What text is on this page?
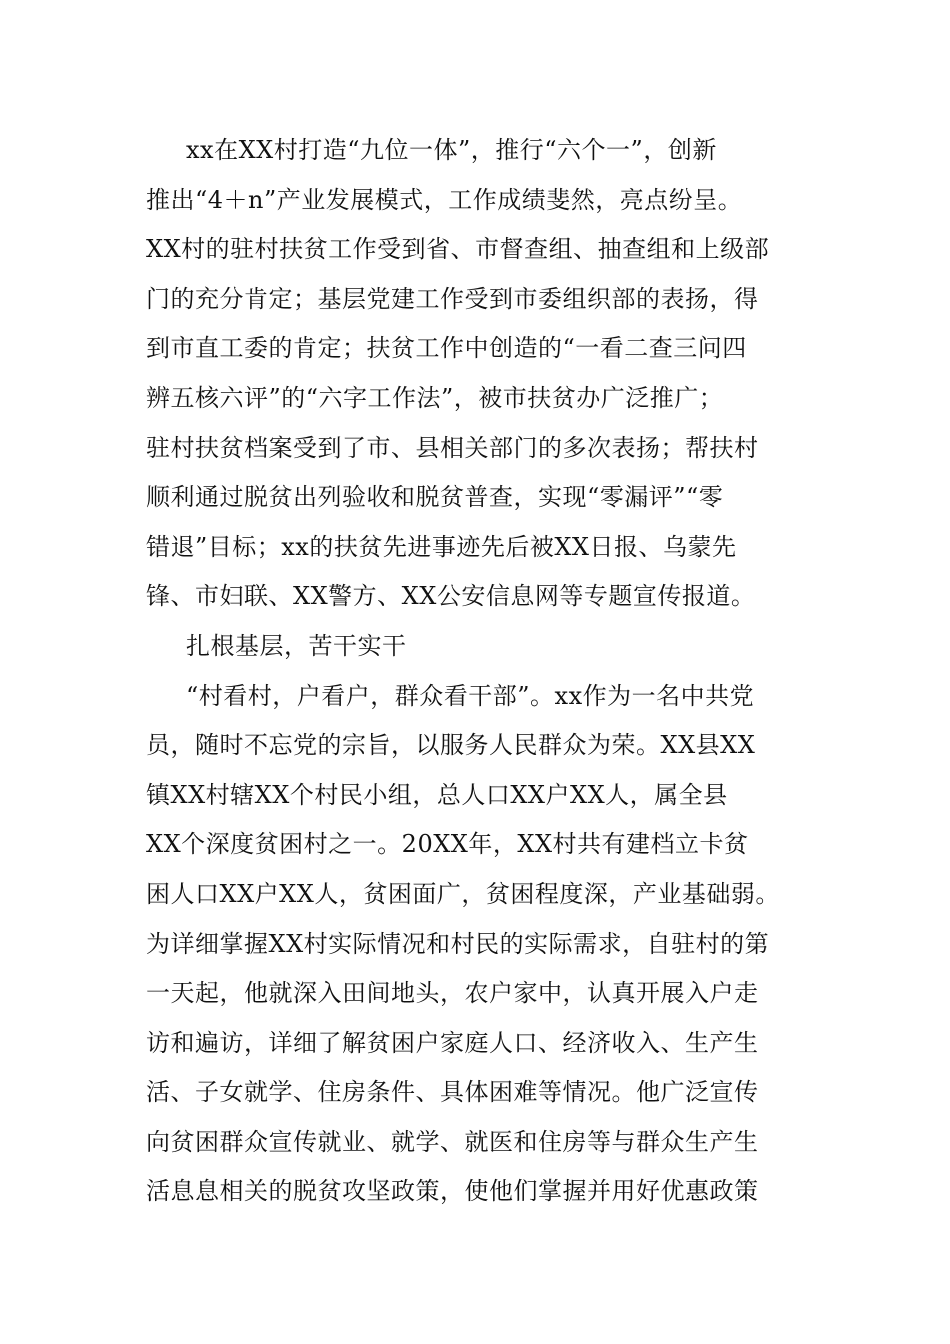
xx在XX村打造“九位一体”，推行“六个一”，创新
推出“4＋n”产业发展模式，工作成绩斐然，亮点纷呈。
XX村的驻村扶贫工作受到省、市督查组、抽查组和上级部
门的充分肯定；基层党建工作受到市委组织部的表扬，得
到市直工委的肯定；扶贫工作中创造的“一看二查三问四
辨五核六评”的“六字工作法”，被市扶贫办广泛推广；
驻村扶贫档案受到了市、县相关部门的多次表扬；帮扶村
顺利通过脱贫出列验收和脱贫普查，实现“零漏评”“零
错退”目标；xx的扶贫先进事迹先后被XX日报、乌蒙先
锋、市妇联、XX警方、XX公安信息网等专题宣传报道。
扎根基层，苦干实干
“村看村，户看户，群众看干部”。xx作为一名中共党
员，随时不忘党的宗旨，以服务人民群众为荣。XX县XX
镇XX村辖XX个村民小组，总人口XX户XX人，属全县
XX个深度贫困村之一。20XX年，XX村共有建档立卡贫
困人口XX户XX人，贫困面广，贫困程度深，产业基础弱。
为详细掌握XX村实际情况和村民的实际需求，自驻村的第
一天起，他就深入田间地头，农户家中，认真开展入户走
访和遍访，详细了解贫困户家庭人口、经济收入、生产生
活、子女就学、住房条件、具体困难等情况。他广泛宣传
向贫困群众宣传就业、就学、就医和住房等与群众生产生
活息息相关的脱贫攻坚政策，使他们掌握并用好优惠政策
